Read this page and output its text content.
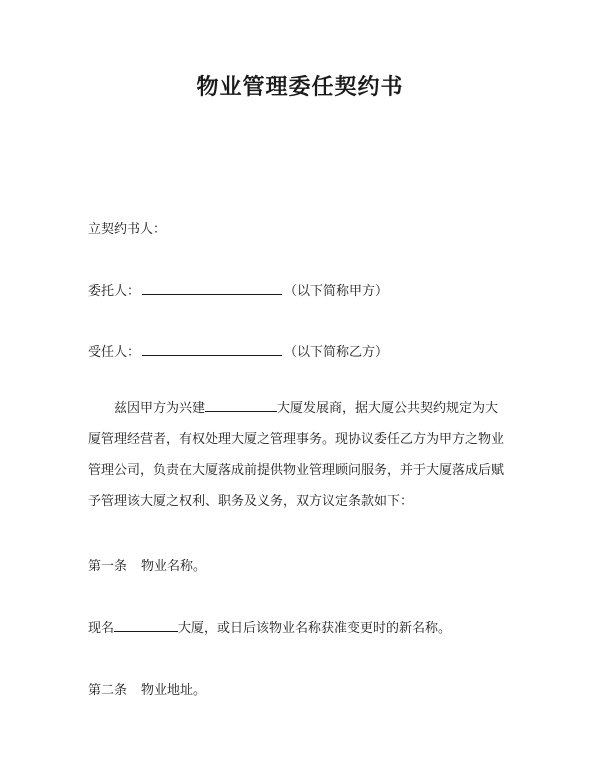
物业管理委任契约书
立契约书人：
委托人：	（以下简称甲方）
受任人：	（以下简称乙方）
兹因甲方为兴建	大厦发展商，据大厦公共契约规定为大厦管理经营者，有权处理大厦之管理事务。现协议委任乙方为甲方之物业管理公司，负责在大厦落成前提供物业管理顾问服务，并于大厦落成后赋予管理该大厦之权利、职务及义务，双方议定条款如下：
第一条 物业名称。
现名	大厦，或日后该物业名称获准变更时的新名称。
第二条 物业地址。
